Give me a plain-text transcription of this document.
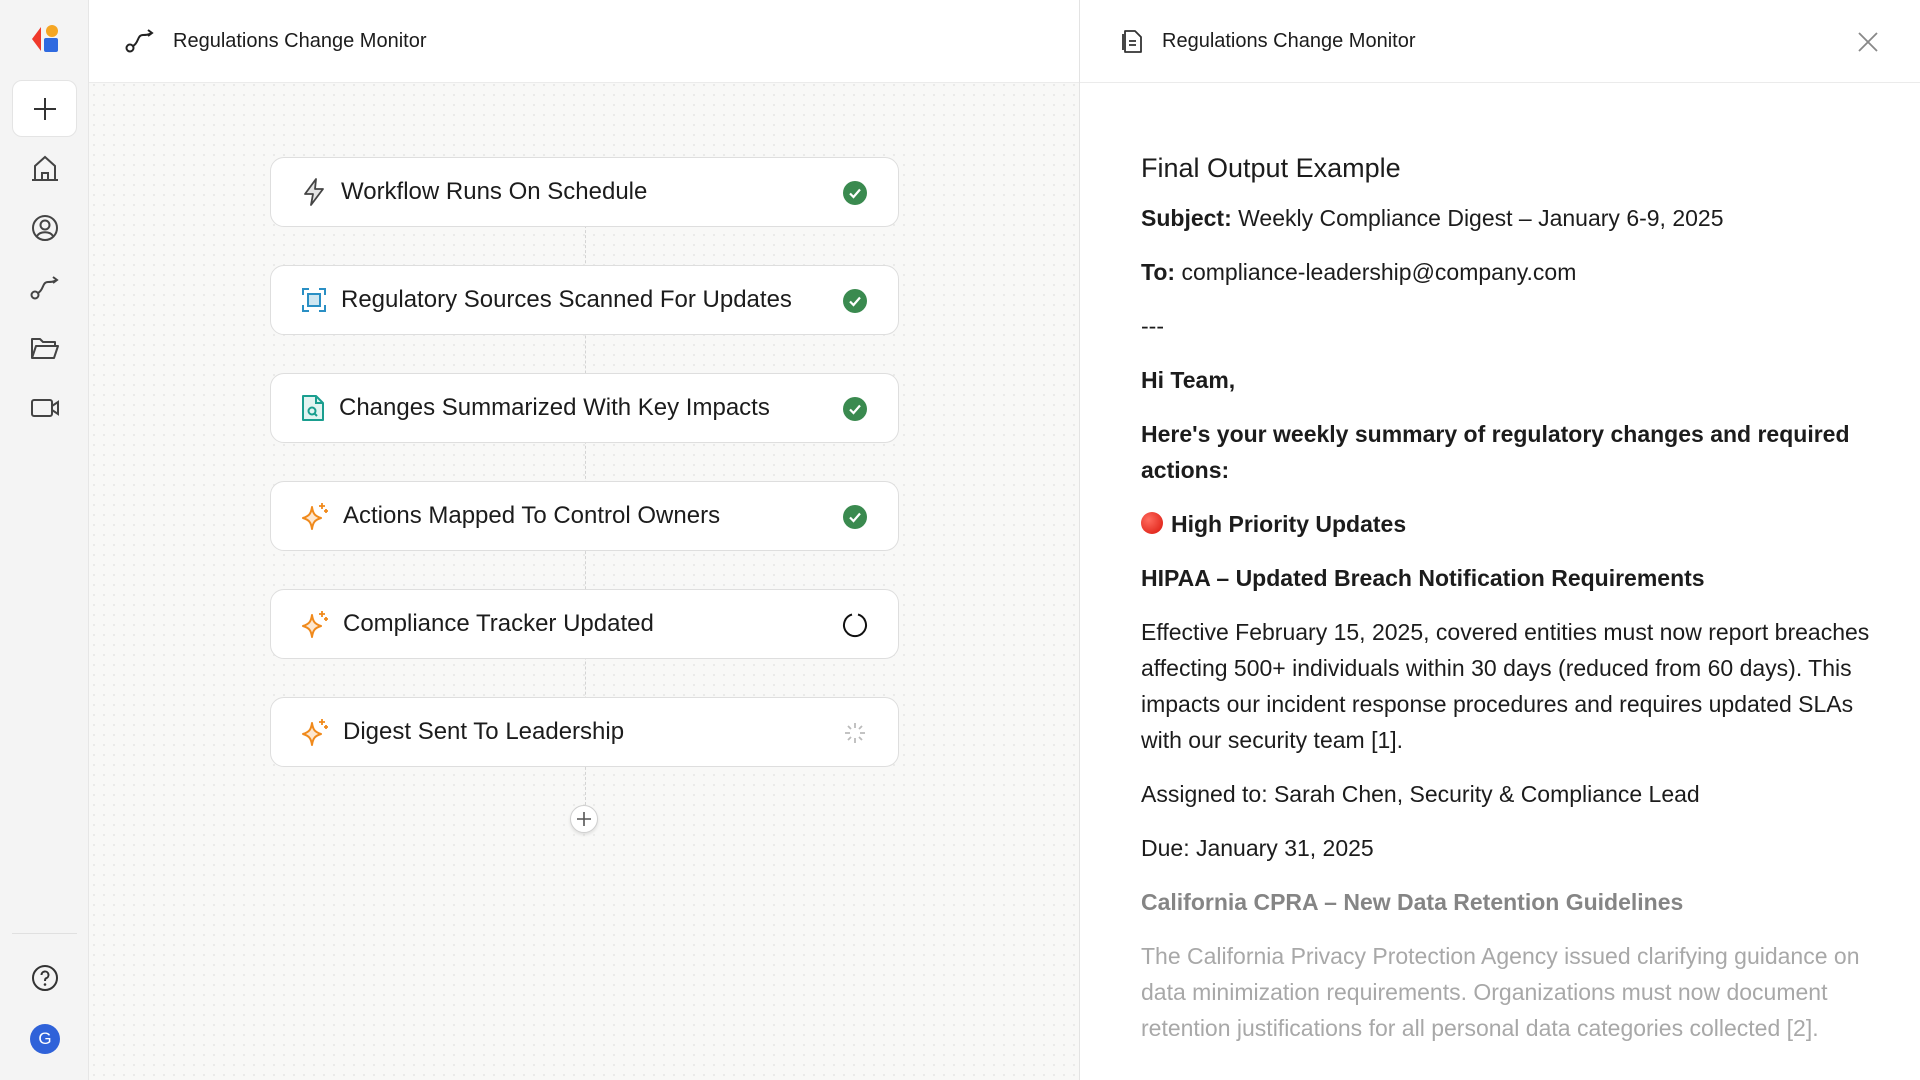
G
Regulations Change Monitor
Workflow Runs On Schedule
Regulatory Sources Scanned For Updates
Changes Summarized With Key Impacts
Actions Mapped To Control Owners
Compliance Tracker Updated
Digest Sent To Leadership
Regulations Change Monitor
Final Output Example

Subject: Weekly Compliance Digest – January 6-9, 2025

To: compliance-leadership@company.com

---

Hi Team,

Here's your weekly summary of regulatory changes and required actions:

High Priority Updates

HIPAA – Updated Breach Notification Requirements

Effective February 15, 2025, covered entities must now report breaches affecting 500+ individuals within 30 days (reduced from 60 days). This impacts our incident response procedures and requires updated SLAs with our security team [1].

Assigned to: Sarah Chen, Security & Compliance Lead

Due: January 31, 2025

California CPRA – New Data Retention Guidelines

The California Privacy Protection Agency issued clarifying guidance on data minimization requirements. Organizations must now document retention justifications for all personal data categories collected [2].
